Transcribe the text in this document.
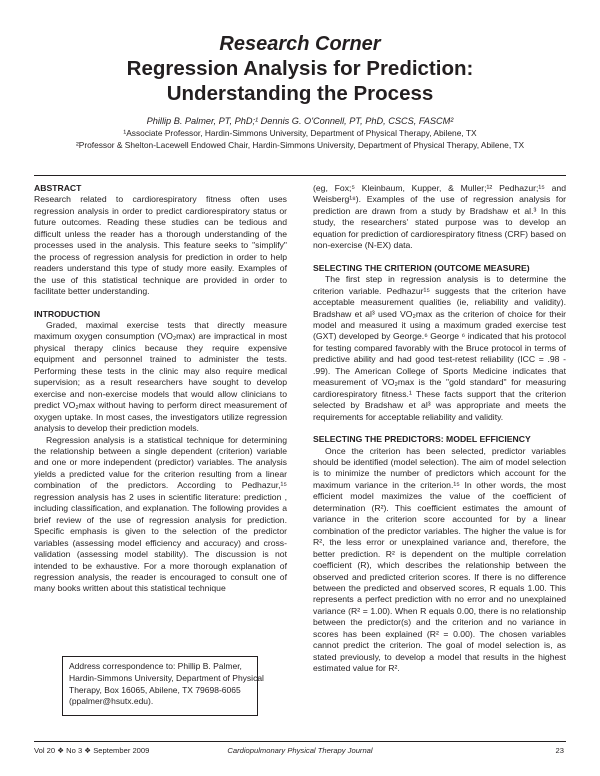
Research Corner
Regression Analysis for Prediction:
Understanding the Process
Phillip B. Palmer, PT, PhD;¹ Dennis G. O'Connell, PT, PhD, CSCS, FASCM²
¹Associate Professor, Hardin-Simmons University, Department of Physical Therapy, Abilene, TX
²Professor & Shelton-Lacewell Endowed Chair, Hardin-Simmons University, Department of Physical Therapy, Abilene, TX
ABSTRACT

Research related to cardiorespiratory fitness often uses regression analysis in order to predict cardiorespiratory status or future outcomes. Reading these studies can be tedious and difficult unless the reader has a thorough understanding of the processes used in the analysis. This feature seeks to "simplify" the process of regression analysis for prediction in order to help readers understand this type of study more easily. Examples of the use of this statistical technique are provided in order to facilitate better understanding.

INTRODUCTION

Graded, maximal exercise tests that directly measure maximum oxygen consumption (VO₂max) are impractical in most physical therapy clinics because they require expensive equipment and personnel trained to administer the tests. Performing these tests in the clinic may also require medical supervision; as a result researchers have sought to develop exercise and non-exercise models that would allow clinicians to predict VO₂max without having to perform direct measurement of oxygen uptake. In most cases, the investigators utilize regression analysis to develop their prediction models.

Regression analysis is a statistical technique for determining the relationship between a single dependent (criterion) variable and one or more independent (predictor) variables. The analysis yields a predicted value for the criterion resulting from a linear combination of the predictors. According to Pedhazur,¹⁵ regression analysis has 2 uses in scientific literature: prediction , including classification, and explanation. The following provides a brief review of the use of regression analysis for prediction. Specific emphasis is given to the selection of the predictor variables (assessing model efficiency and accuracy) and cross-validation (assessing model stability). The discussion is not intended to be exhaustive. For a more thorough explanation of regression analysis, the reader is encouraged to consult one of many books written about this statistical technique

Address correspondence to: Phillip B. Palmer,
Hardin-Simmons University, Department of Physical
Therapy, Box 16065, Abilene, TX 79698-6065
(ppalmer@hsutx.edu).

(eg, Fox;⁵ Kleinbaum, Kupper, & Muller;¹² Pedhazur;¹⁵ and Weisberg¹⁸). Examples of the use of regression analysis for prediction are drawn from a study by Bradshaw et al.³ In this study, the researchers' stated purpose was to develop an equation for prediction of cardiorespiratory fitness (CRF) based on non-exercise (N-EX) data.

SELECTING THE CRITERION (OUTCOME MEASURE)

The first step in regression analysis is to determine the criterion variable. Pedhazur¹⁵ suggests that the criterion have acceptable measurement qualities (ie, reliability and validity). Bradshaw et al³ used VO₂max as the criterion of choice for their model and measured it using a maximum graded exercise test (GXT) developed by George.⁶ George ⁶ indicated that his protocol for testing compared favorably with the Bruce protocol in terms of predictive ability and had good test-retest reliability (ICC = .98 - .99). The American College of Sports Medicine indicates that measurement of VO₂max is the "gold standard" for measuring cardiorespiratory fitness.¹ These facts support that the criterion selected by Bradshaw et al³ was appropriate and meets the requirements for acceptable reliability and validity.

SELECTING THE PREDICTORS: MODEL EFFICIENCY

Once the criterion has been selected, predictor variables should be identified (model selection). The aim of model selection is to minimize the number of predictors which account for the maximum variance in the criterion.¹⁵ In other words, the most efficient model maximizes the value of the coefficient of determination (R²). This coefficient estimates the amount of variance in the criterion score accounted for by a linear combination of the predictor variables. The higher the value is for R², the less error or unexplained variance and, therefore, the better prediction. R² is dependent on the multiple correlation coefficient (R), which describes the relationship between the observed and predicted criterion scores. If there is no difference between the predicted and observed scores, R equals 1.00. This represents a perfect prediction with no error and no unexplained variance (R² = 1.00). When R equals 0.00, there is no relationship between the predictor(s) and the criterion and no variance in scores has been explained (R² = 0.00). The chosen variables cannot predict the criterion. The goal of model selection is, as stated previously, to develop a model that results in the highest estimated value for R².

Vol 20 ❖ No 3 ❖ September 2009	Cardiopulmonary Physical Therapy Journal	23
